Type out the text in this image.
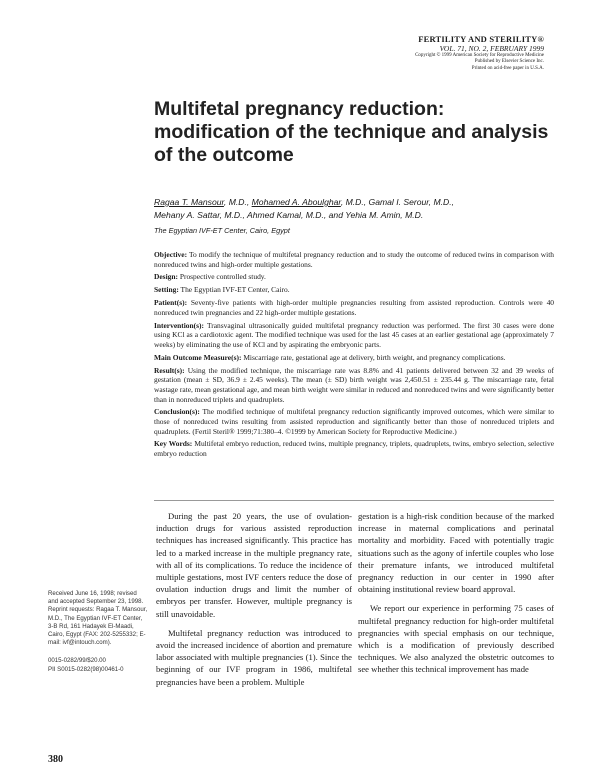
FERTILITY AND STERILITY®
VOL. 71, NO. 2, FEBRUARY 1999
Copyright © 1999 American Society for Reproductive Medicine
Published by Elsevier Science Inc.
Printed on acid-free paper in U.S.A.
Multifetal pregnancy reduction:
modification of the technique and analysis
of the outcome
Ragaa T. Mansour, M.D., Mohamed A. Aboulghar, M.D., Gamal I. Serour, M.D.,
Mehany A. Sattar, M.D., Ahmed Kamal, M.D., and Yehia M. Amin, M.D.
The Egyptian IVF-ET Center, Cairo, Egypt

Objective: To modify the technique of multifetal pregnancy reduction and to study the outcome of reduced twins in comparison with nonreduced twins and high-order multiple gestations.

Design: Prospective controlled study.

Setting: The Egyptian IVF-ET Center, Cairo.

Patient(s): Seventy-five patients with high-order multiple pregnancies resulting from assisted reproduction. Controls were 40 nonreduced twin pregnancies and 22 high-order multiple gestations.

Intervention(s): Transvaginal ultrasonically guided multifetal pregnancy reduction was performed. The first 30 cases were done using KCl as a cardiotoxic agent. The modified technique was used for the last 45 cases at an earlier gestational age (approximately 7 weeks) by eliminating the use of KCl and by aspirating the embryonic parts.

Main Outcome Measure(s): Miscarriage rate, gestational age at delivery, birth weight, and pregnancy complications.

Result(s): Using the modified technique, the miscarriage rate was 8.8% and 41 patients delivered between 32 and 39 weeks of gestation (mean ± SD, 36.9 ± 2.45 weeks). The mean (± SD) birth weight was 2,450.51 ± 235.44 g. The miscarriage rate, fetal wastage rate, mean gestational age, and mean birth weight were similar in reduced and nonreduced twins and were significantly better than in nonreduced triplets and quadruplets.

Conclusion(s): The modified technique of multifetal pregnancy reduction significantly improved outcomes, which were similar to those of nonreduced twins resulting from assisted reproduction and significantly better than those of nonreduced triplets and quadruplets. (Fertil Steril® 1999;71:380–4. ©1999 by American Society for Reproductive Medicine.)

Key Words: Multifetal embryo reduction, reduced twins, multiple pregnancy, triplets, quadruplets, twins, embryo selection, selective embryo reduction

Received June 16, 1998; revised and accepted September 23, 1998.
Reprint requests: Ragaa T. Mansour, M.D., The Egyptian IVF-ET Center, 3-B Rd, 161 Hadayek El-Maadi, Cairo, Egypt (FAX: 202-5255332; E-mail: ivf@intouch.com).
0015-0282/99/$20.00
PII S0015-0282(98)00461-0

During the past 20 years, the use of ovulation-induction drugs for various assisted reproduction techniques has increased significantly. This practice has led to a marked increase in the multiple pregnancy rate, with all of its complications. To reduce the incidence of multiple gestations, most IVF centers reduce the dose of ovulation induction drugs and limit the number of embryos per transfer. However, multiple pregnancy is still unavoidable.

Multifetal pregnancy reduction was introduced to avoid the increased incidence of abortion and premature labor associated with multiple pregnancies (1). Since the beginning of our IVF program in 1986, multifetal pregnancies have been a problem. Multiple

gestation is a high-risk condition because of the marked increase in maternal complications and perinatal mortality and morbidity. Faced with potentially tragic situations such as the agony of infertile couples who lose their premature infants, we introduced multifetal pregnancy reduction in our center in 1990 after obtaining institutional review board approval.

We report our experience in performing 75 cases of multifetal pregnancy reduction for high-order multifetal pregnancies with special emphasis on our technique, which is a modification of previously described techniques. We also analyzed the obstetric outcomes to see whether this technical improvement has made

380
